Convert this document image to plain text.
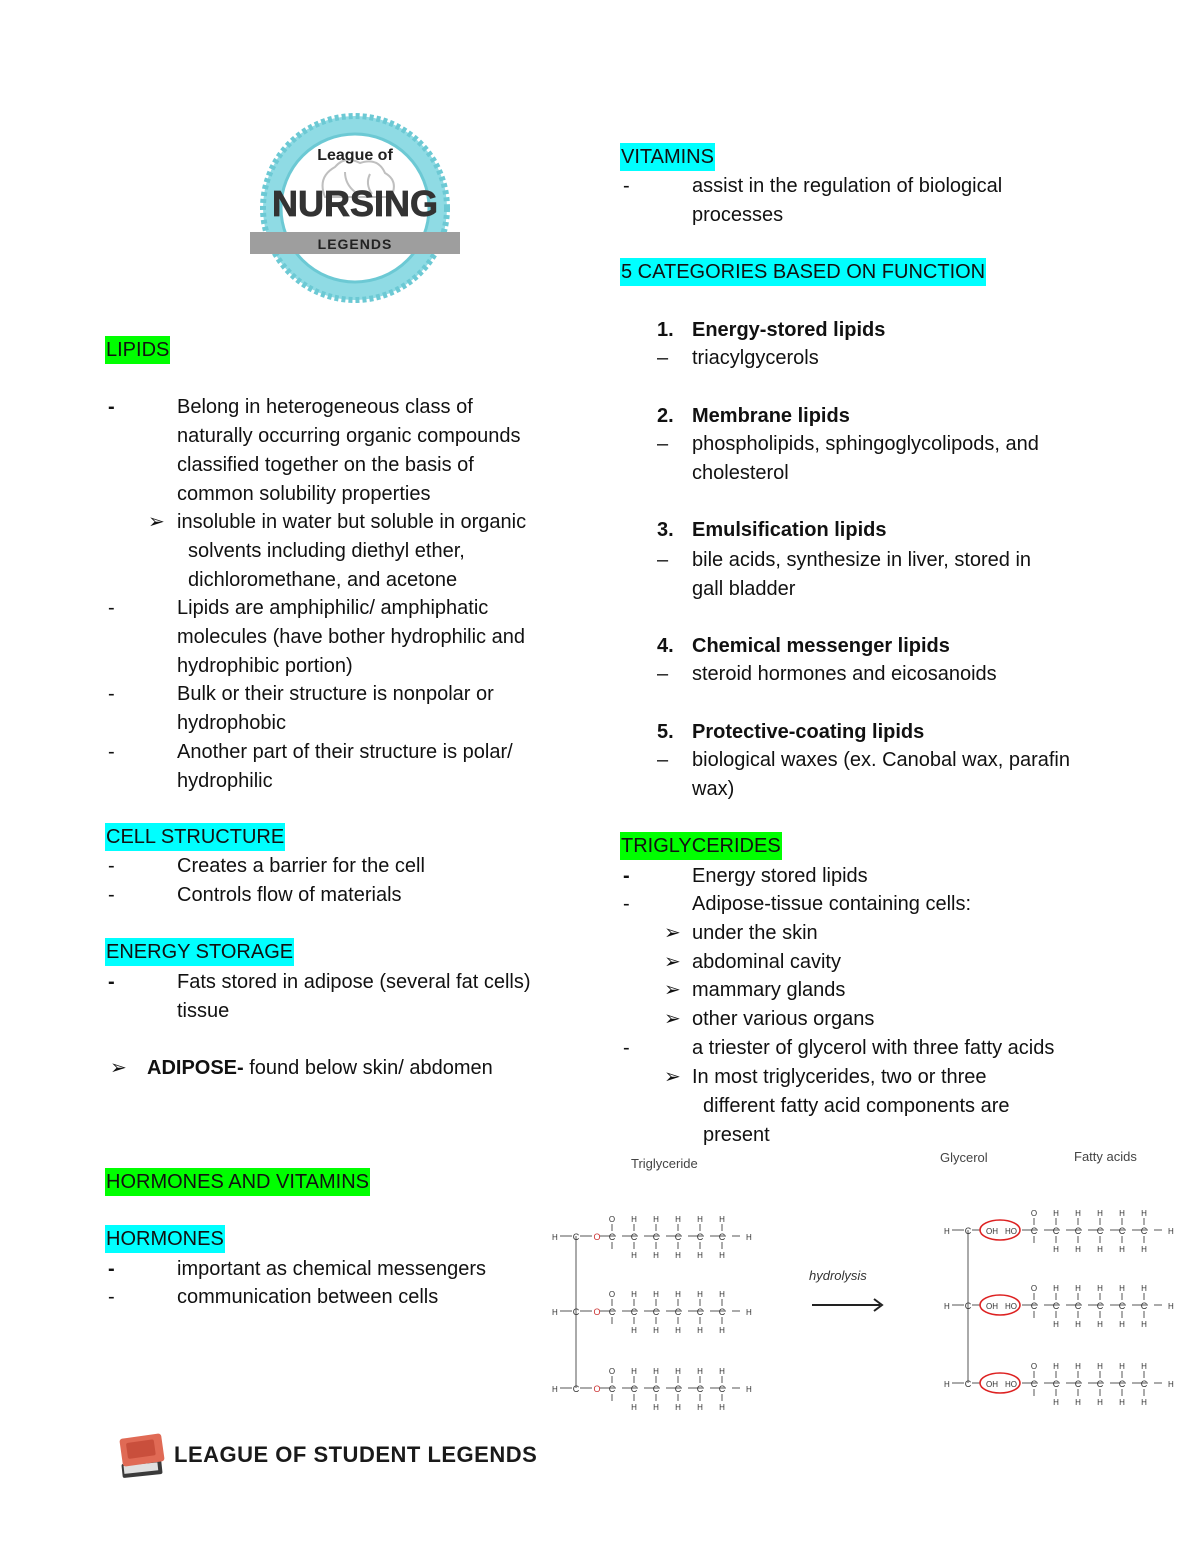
League of
NURSING
LEGENDS
LIPIDS
-	Belong in heterogeneous class of
naturally occurring organic compounds
classified together on the basis of
common solubility properties
➢ insoluble in water but soluble in organic
solvents including diethyl ether,
dichloromethane, and acetone
-	Lipids are amphiphilic/ amphiphatic
molecules (have bother hydrophilic and
hydrophibic portion)
-	Bulk or their structure is nonpolar or
hydrophobic
-	Another part of their structure is polar/
hydrophilic
CELL STRUCTURE
-	Creates a barrier for the cell
-	Controls flow of materials
ENERGY STORAGE
-	Fats stored in adipose (several fat cells)
tissue
➢ ADIPOSE- found below skin/ abdomen
HORMONES AND VITAMINS
HORMONES
-	important as chemical messengers
-	communication between cells
VITAMINS
-	assist in the regulation of biological
processes
5 CATEGORIES BASED ON FUNCTION
1. Energy-stored lipids
– triacylgycerols
2. Membrane lipids
– phospholipids, sphingoglycolipods, and
cholesterol
3. Emulsification lipids
– bile acids, synthesize in liver, stored in
gall bladder
4. Chemical messenger lipids
– steroid hormones and eicosanoids
5. Protective-coating lipids
– biological waxes (ex. Canobal wax, parafin
wax)
TRIGLYCERIDES
-	Energy stored lipids
-	Adipose-tissue containing cells:
➢ under the skin
➢ abdominal cavity
➢ mammary glands
➢ other various organs
-	a triester of glycerol with three fatty acids
➢ In most triglycerides, two or three
different fatty acid components are
present
Triglyceride	Glycerol	Fatty acids
hydrolysis
H C O C
O
C
H
H
C
H
H
C
H
H
C
H
H
C
H
H
H
H C O C
O
C
H
H
C
H
H
C
H
H
C
H
H
C
H
H
H
H C O C
O
C
H
H
C
H
H
C
H
H
C
H
H
C
H
H
H
H C OH HO C
O
C
H
H
C
H
H
C
H
H
C
H
H
C
H
H
H
H C OH HO C
O
C
H
H
C
H
H
C
H
H
C
H
H
C
H
H
H
H C OH HO C
O
C
H
H
C
H
H
C
H
H
C
H
H
C
H
H
H
LEAGUE OF STUDENT LEGENDS
